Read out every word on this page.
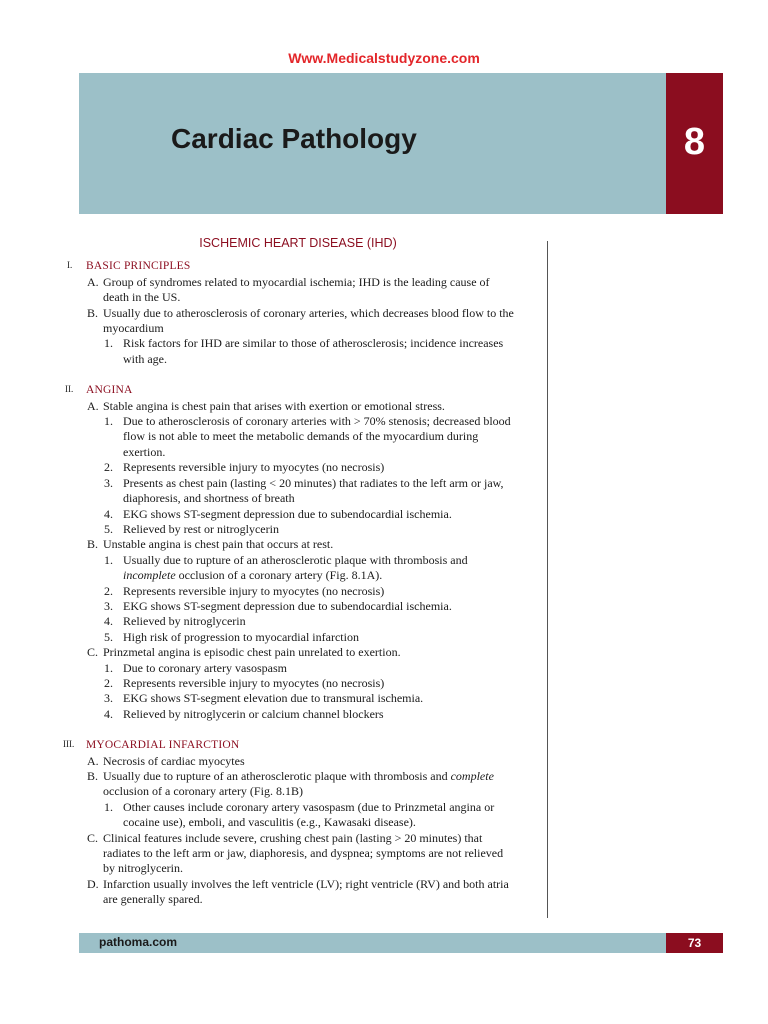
Www.Medicalstudyzone.com
Cardiac Pathology	8
ISCHEMIC HEART DISEASE (IHD)
I. BASIC PRINCIPLES
A. Group of syndromes related to myocardial ischemia; IHD is the leading cause of
death in the US.
B. Usually due to atherosclerosis of coronary arteries, which decreases blood flow to the
myocardium
1. Risk factors for IHD are similar to those of atherosclerosis; incidence increases
with age.
II. ANGINA
A. Stable angina is chest pain that arises with exertion or emotional stress.
1. Due to atherosclerosis of coronary arteries with > 70% stenosis; decreased blood
flow is not able to meet the metabolic demands of the myocardium during
exertion.
2. Represents reversible injury to myocytes (no necrosis)
3. Presents as chest pain (lasting < 20 minutes) that radiates to the left arm or jaw,
diaphoresis, and shortness of breath
4. EKG shows ST-segment depression due to subendocardial ischemia.
5. Relieved by rest or nitroglycerin
B. Unstable angina is chest pain that occurs at rest.
1. Usually due to rupture of an atherosclerotic plaque with thrombosis and
incomplete occlusion of a coronary artery (Fig. 8.1A).
2. Represents reversible injury to myocytes (no necrosis)
3. EKG shows ST-segment depression due to subendocardial ischemia.
4. Relieved by nitroglycerin
5. High risk of progression to myocardial infarction
C. Prinzmetal angina is episodic chest pain unrelated to exertion.
1. Due to coronary artery vasospasm
2. Represents reversible injury to myocytes (no necrosis)
3. EKG shows ST-segment elevation due to transmural ischemia.
4. Relieved by nitroglycerin or calcium channel blockers
III. MYOCARDIAL INFARCTION
A. Necrosis of cardiac myocytes
B. Usually due to rupture of an atherosclerotic plaque with thrombosis and complete
occlusion of a coronary artery (Fig. 8.1B)
1. Other causes include coronary artery vasospasm (due to Prinzmetal angina or
cocaine use), emboli, and vasculitis (e.g., Kawasaki disease).
C. Clinical features include severe, crushing chest pain (lasting > 20 minutes) that
radiates to the left arm or jaw, diaphoresis, and dyspnea; symptoms are not relieved
by nitroglycerin.
D. Infarction usually involves the left ventricle (LV); right ventricle (RV) and both atria
are generally spared.
pathoma.com	73
